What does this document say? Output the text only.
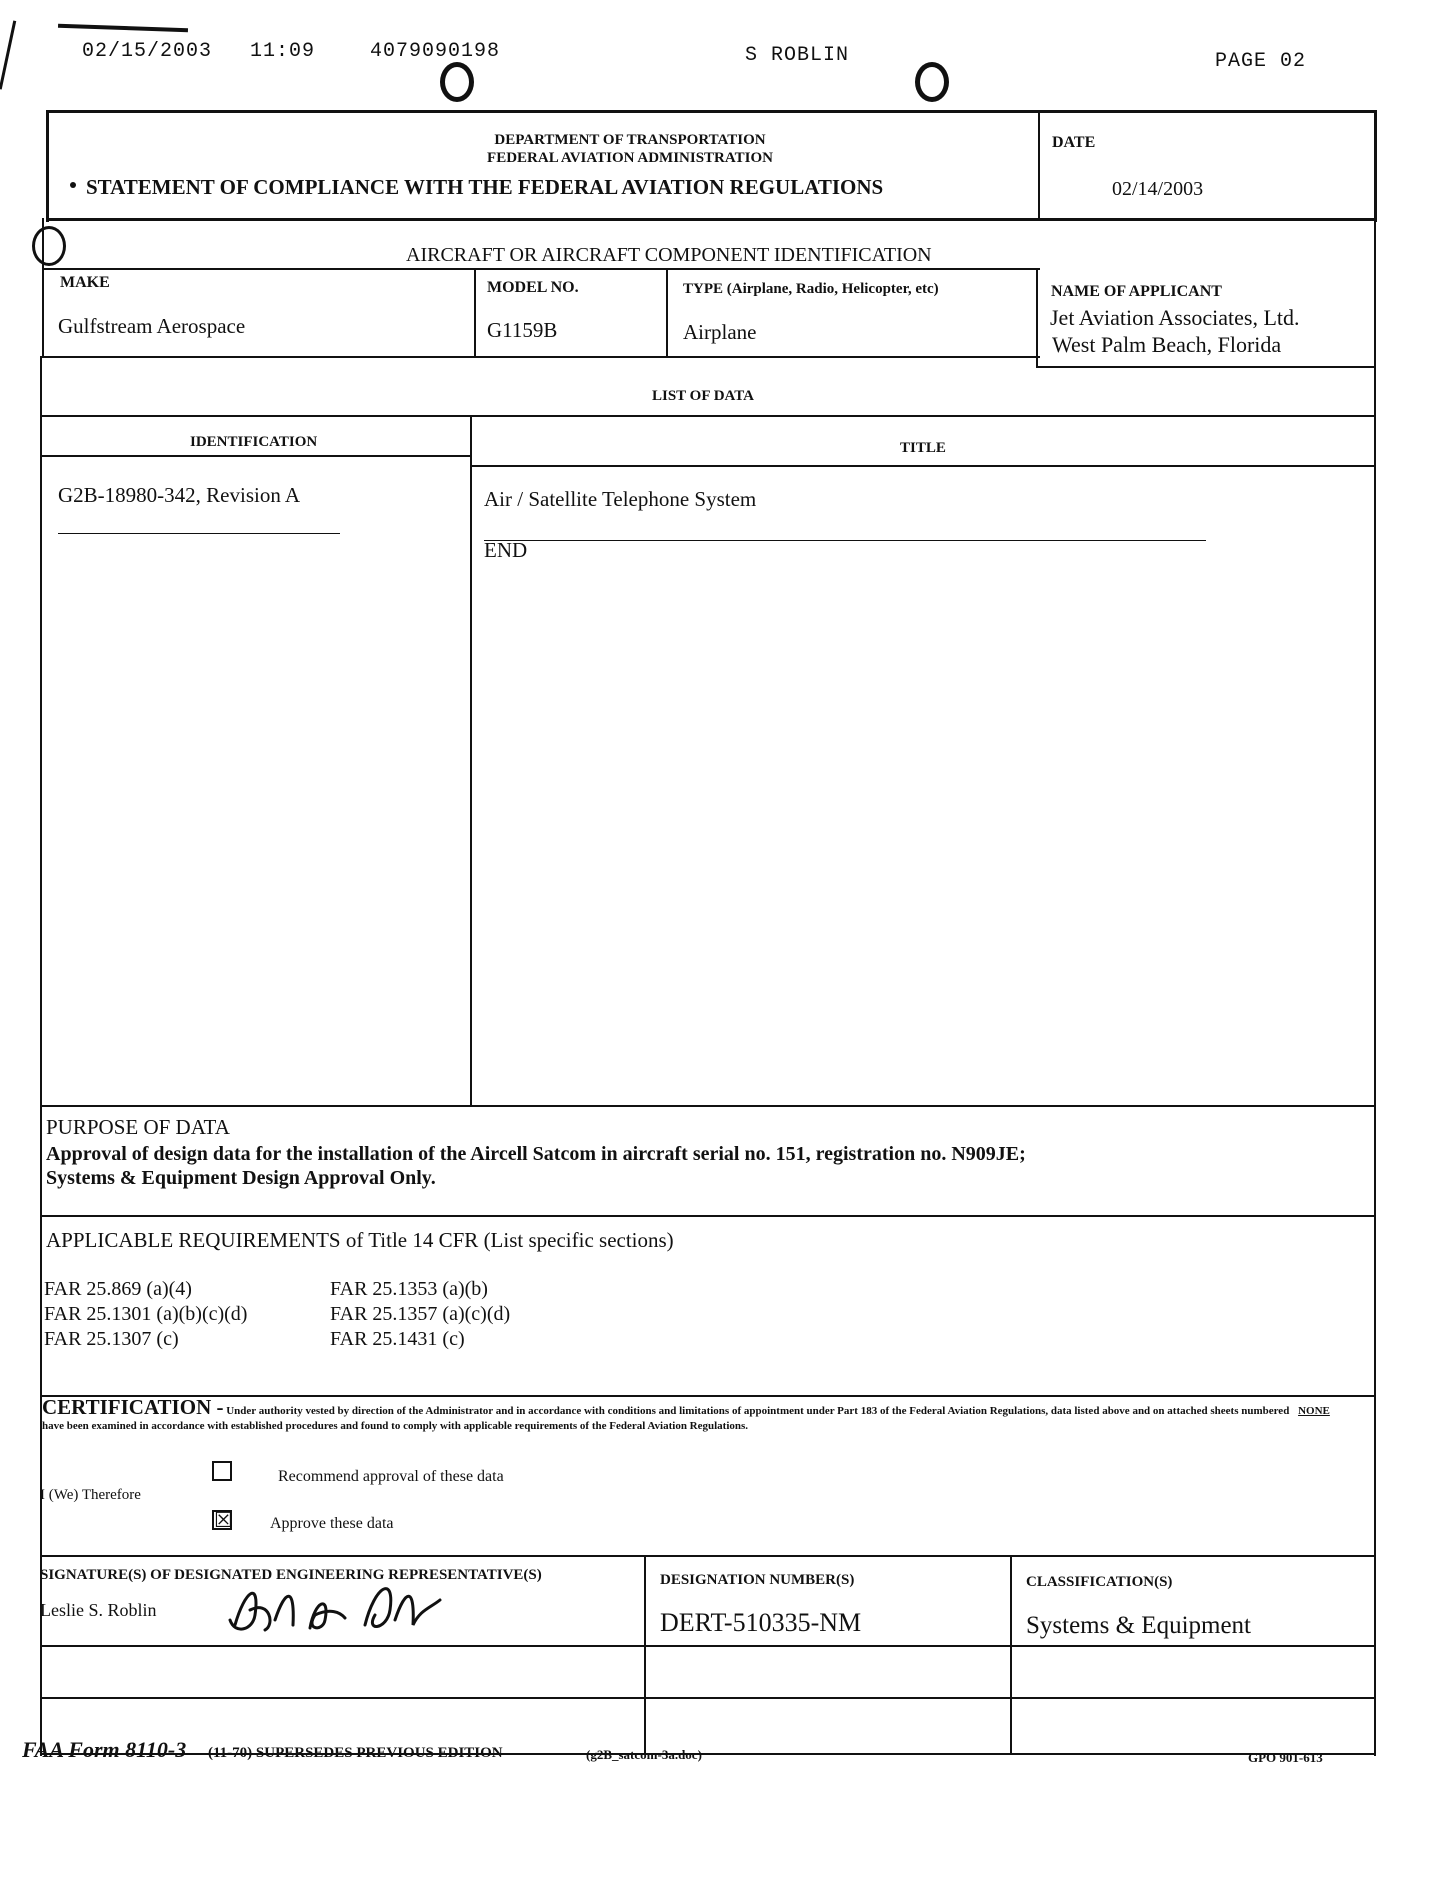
02/15/2003 11:09	4079090198	S ROBLIN	PAGE 02
DEPARTMENT OF TRANSPORTATION
FEDERAL AVIATION ADMINISTRATION
STATEMENT OF COMPLIANCE WITH THE FEDERAL AVIATION REGULATIONS
DATE
02/14/2003
AIRCRAFT OR AIRCRAFT COMPONENT IDENTIFICATION
MAKE
Gulfstream Aerospace
MODEL NO.
G1159B
TYPE (Airplane, Radio, Helicopter, etc)
Airplane
NAME OF APPLICANT
Jet Aviation Associates, Ltd.
West Palm Beach, Florida
LIST OF DATA
IDENTIFICATION	TITLE
G2B-18980-342, Revision A	Air / Satellite Telephone System
END
PURPOSE OF DATA
Approval of design data for the installation of the Aircell Satcom in aircraft serial no. 151, registration no. N909JE;
Systems & Equipment Design Approval Only.
APPLICABLE REQUIREMENTS of Title 14 CFR (List specific sections)
FAR 25.869 (a)(4)
FAR 25.1301 (a)(b)(c)(d)
FAR 25.1307 (c)
FAR 25.1353 (a)(b)
FAR 25.1357 (a)(c)(d)
FAR 25.1431 (c)
CERTIFICATION - Under authority vested by direction of the Administrator and in accordance with conditions and limitations of appointment under Part 183 of the Federal Aviation Regulations, data listed above and on attached sheets numbered NONE have been examined in accordance with established procedures and found to comply with applicable requirements of the Federal Aviation Regulations.
I (We) Therefore
Recommend approval of these data
☒ Approve these data
SIGNATURE(S) OF DESIGNATED ENGINEERING REPRESENTATIVE(S)
Leslie S. Roblin
DESIGNATION NUMBER(S)
DERT-510335-NM
CLASSIFICATION(S)
Systems & Equipment
FAA Form 8110-3 (11-70) SUPERSEDES PREVIOUS EDITION	(g2B_satcom-3a.doc)	GPO 901-613
